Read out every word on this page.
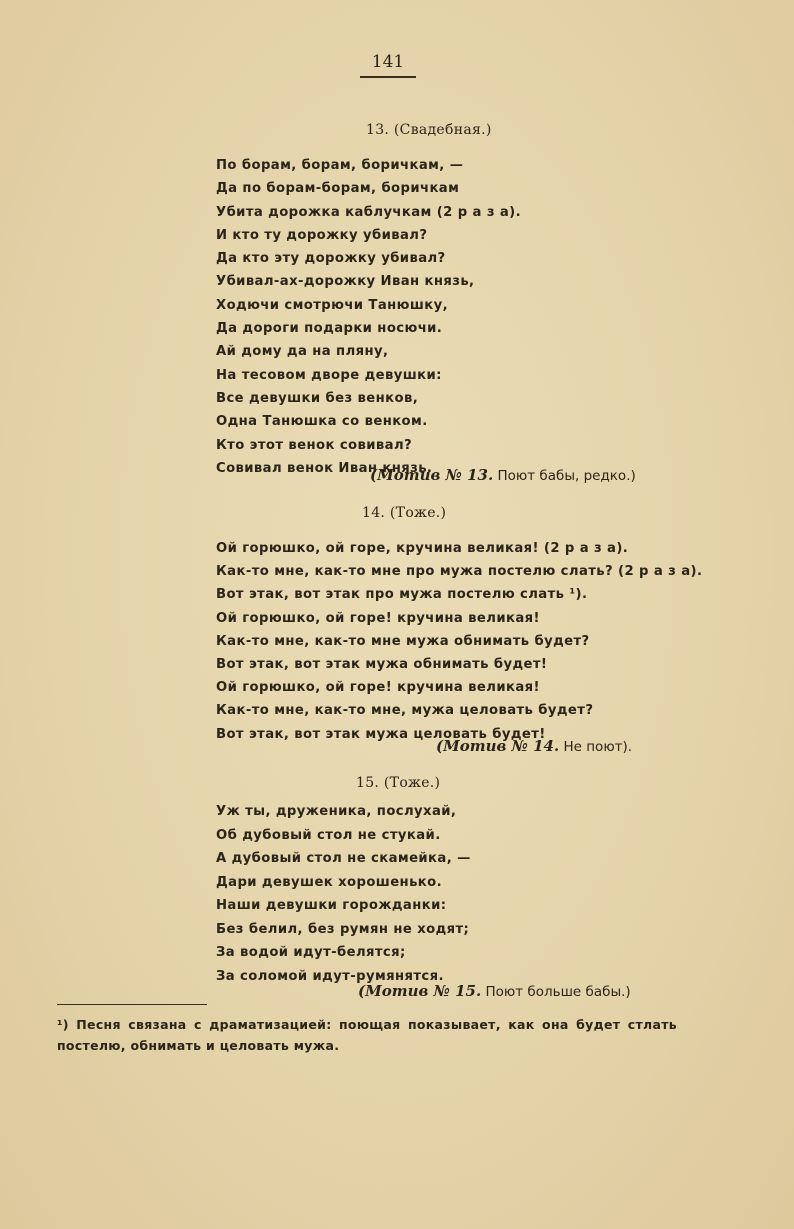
141
13. (Свадебная.)
По борам, борам, боричкам, —
Да по борам-борам, боричкам
Убита дорожка каблучкам (2 р а з а).
И кто ту дорожку убивал?
Да кто эту дорожку убивал?
Убивал-ах-дорожку Иван князь,
Ходючи смотрючи Танюшку,
Да дороги подарки носючи.
Ай дому да на пляну,
На тесовом дворе девушки:
Все девушки без венков,
Одна Танюшка со венком.
Кто этот венок совивал?
Совивал венок Иван князь.
(Мотив № 13. Поют бабы, редко.)
14. (Тоже.)
Ой горюшко, ой горе, кручина великая! (2 р а з а).
Как-то мне, как-то мне про мужа постелю слать? (2 р а з а).
Вот этак, вот этак про мужа постелю слать ¹).
Ой горюшко, ой горе! кручина великая!
Как-то мне, как-то мне мужа обнимать будет?
Вот этак, вот этак мужа обнимать будет!
Ой горюшко, ой горе! кручина великая!
Как-то мне, как-то мне, мужа целовать будет?
Вот этак, вот этак мужа целовать будет!
(Мотив № 14. Не поют).
15. (Тоже.)
Уж ты, друженика, послухай,
Об дубовый стол не стукай.
А дубовый стол не скамейка, —
Дари девушек хорошенько.
Наши девушки горожданки:
Без белил, без румян не ходят;
За водой идут-белятся;
За соломой идут-румянятся.
(Мотив № 15. Поют больше бабы.)
¹) Песня связана с драматизацией: поющая показывает, как она будет стлать постелю, обнимать и целовать мужа.
